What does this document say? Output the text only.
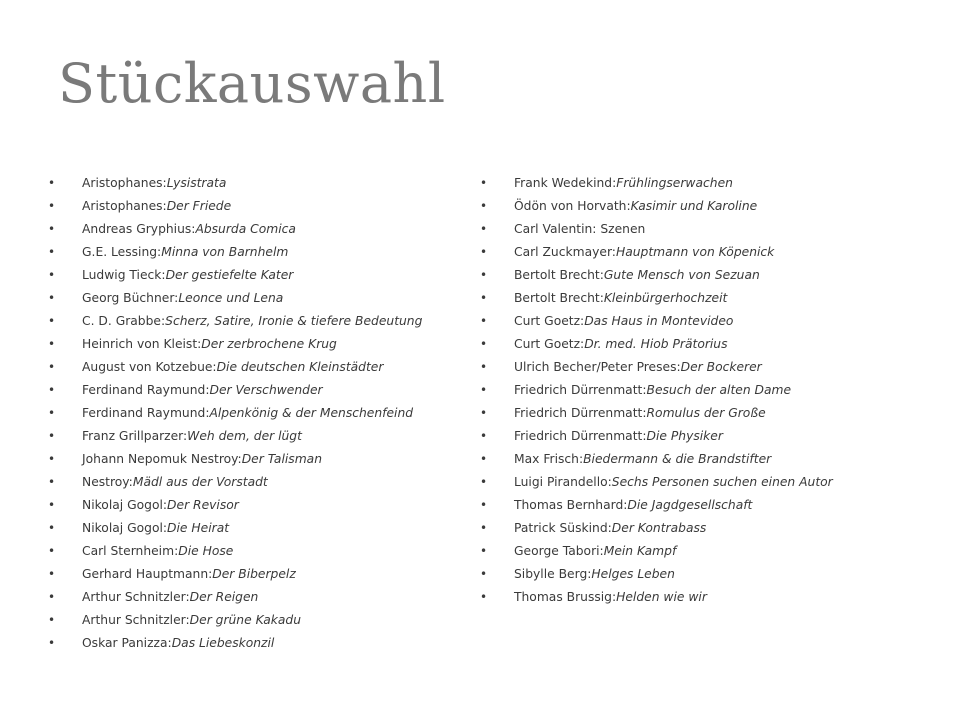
Stückauswahl
•	Aristophanes: Lysistrata
•	Aristophanes: Der Friede
•	Andreas Gryphius: Absurda Comica
•	G.E. Lessing: Minna von Barnhelm
•	Ludwig Tieck: Der gestiefelte Kater
•	Georg Büchner: Leonce und Lena
•	C. D. Grabbe: Scherz, Satire, Ironie & tiefere Bedeutung
•	Heinrich von Kleist: Der zerbrochene Krug
•	August von Kotzebue: Die deutschen Kleinstädter
•	Ferdinand Raymund: Der Verschwender
•	Ferdinand Raymund: Alpenkönig & der Menschenfeind
•	Franz Grillparzer: Weh dem, der lügt
•	Johann Nepomuk Nestroy: Der Talisman
•	Nestroy: Mädl aus der Vorstadt
•	Nikolaj Gogol: Der Revisor
•	Nikolaj Gogol: Die Heirat
•	Carl Sternheim: Die Hose
•	Gerhard Hauptmann: Der Biberpelz
•	Arthur Schnitzler: Der Reigen
•	Arthur Schnitzler: Der grüne Kakadu
•	Oskar Panizza: Das Liebeskonzil
•	Frank Wedekind: Frühlingserwachen
•	Ödön von Horvath: Kasimir und Karoline
•	Carl Valentin: Szenen
•	Carl Zuckmayer: Hauptmann von Köpenick
•	Bertolt Brecht: Gute Mensch von Sezuan
•	Bertolt Brecht: Kleinbürgerhochzeit
•	Curt Goetz: Das Haus in Montevideo
•	Curt Goetz: Dr. med. Hiob Prätorius
•	Ulrich Becher/Peter Preses: Der Bockerer
•	Friedrich Dürrenmatt: Besuch der alten Dame
•	Friedrich Dürrenmatt: Romulus der Große
•	Friedrich Dürrenmatt: Die Physiker
•	Max Frisch: Biedermann & die Brandstifter
•	Luigi Pirandello: Sechs Personen suchen einen Autor
•	Thomas Bernhard: Die Jagdgesellschaft
•	Patrick Süskind: Der Kontrabass
•	George Tabori: Mein Kampf
•	Sibylle Berg: Helges Leben
•	Thomas Brussig: Helden wie wir
